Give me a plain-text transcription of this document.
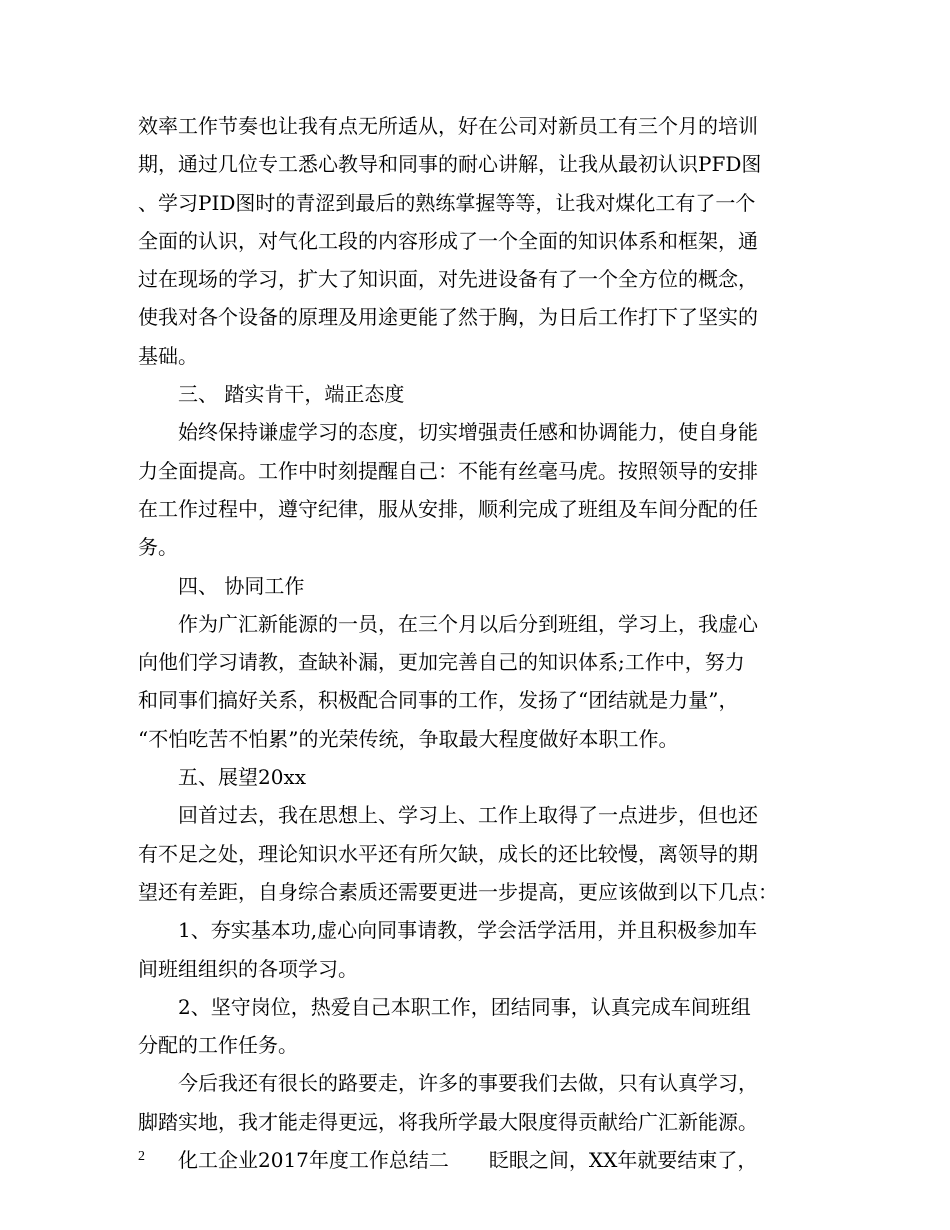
效率工作节奏也让我有点无所适从，好在公司对新员工有三个月的培训
期，通过几位专工悉心教导和同事的耐心讲解，让我从最初认识PFD图
、学习PID图时的青涩到最后的熟练掌握等等，让我对煤化工有了一个
全面的认识，对气化工段的内容形成了一个全面的知识体系和框架，通
过在现场的学习，扩大了知识面，对先进设备有了一个全方位的概念，
使我对各个设备的原理及用途更能了然于胸，为日后工作打下了坚实的
基础。
三、 踏实肯干，端正态度
始终保持谦虚学习的态度，切实增强责任感和协调能力，使自身能
力全面提高。工作中时刻提醒自己：不能有丝毫马虎。按照领导的安排
在工作过程中，遵守纪律，服从安排，顺利完成了班组及车间分配的任
务。
四、 协同工作
作为广汇新能源的一员，在三个月以后分到班组，学习上，我虚心
向他们学习请教，查缺补漏，更加完善自己的知识体系;工作中，努力
和同事们搞好关系，积极配合同事的工作，发扬了“团结就是力量”，
“不怕吃苦不怕累”的光荣传统，争取最大程度做好本职工作。
五、展望20xx
回首过去，我在思想上、学习上、工作上取得了一点进步，但也还
有不足之处，理论知识水平还有所欠缺，成长的还比较慢，离领导的期
望还有差距，自身综合素质还需要更进一步提高，更应该做到以下几点：
1、夯实基本功,虚心向同事请教，学会活学活用，并且积极参加车
间班组组织的各项学习。
2、坚守岗位，热爱自己本职工作，团结同事，认真完成车间班组
分配的工作任务。
今后我还有很长的路要走，许多的事要我们去做，只有认真学习，
脚踏实地，我才能走得更远，将我所学最大限度得贡献给广汇新能源。
化工企业2017年度工作总结二　　眨眼之间，XX年就要结束了，
2
